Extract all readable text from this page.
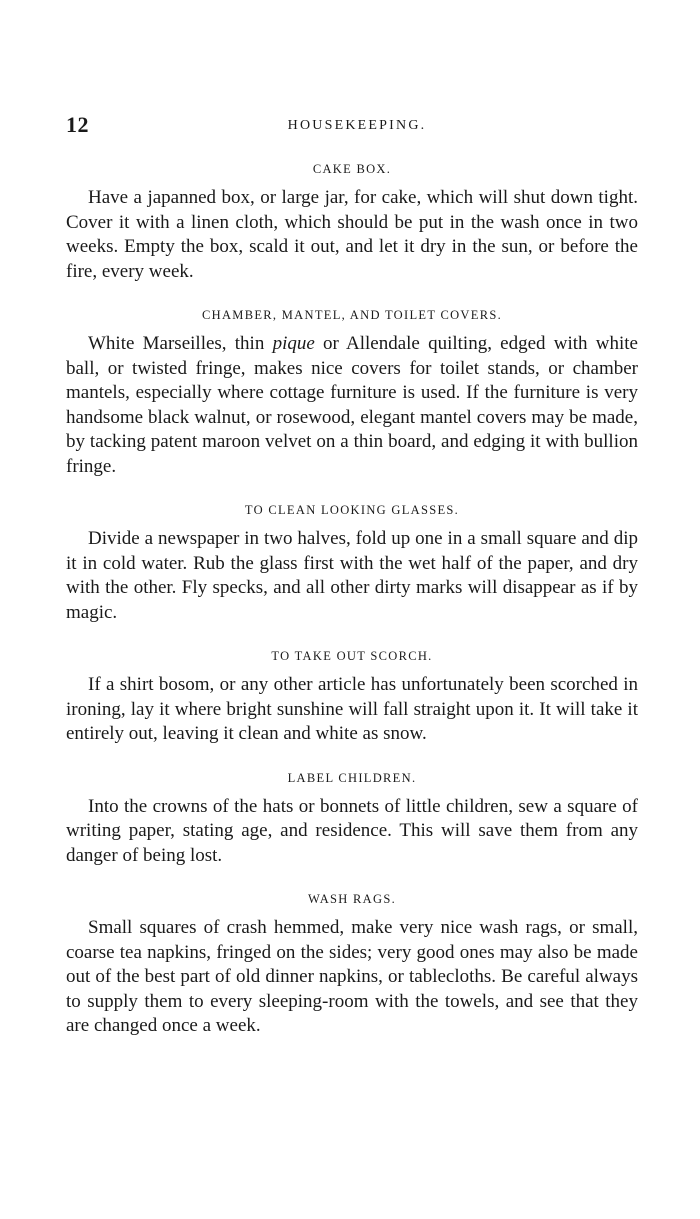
12	HOUSEKEEPING.
CAKE BOX.

Have a japanned box, or large jar, for cake, which will shut down tight. Cover it with a linen cloth, which should be put in the wash once in two weeks. Empty the box, scald it out, and let it dry in the sun, or before the fire, every week.

CHAMBER, MANTEL, AND TOILET COVERS.

White Marseilles, thin pique or Allendale quilting, edged with white ball, or twisted fringe, makes nice covers for toilet stands, or chamber mantels, especially where cottage furniture is used. If the furniture is very handsome black walnut, or rosewood, elegant mantel covers may be made, by tacking patent maroon velvet on a thin board, and edging it with bullion fringe.

TO CLEAN LOOKING GLASSES.

Divide a newspaper in two halves, fold up one in a small square and dip it in cold water. Rub the glass first with the wet half of the paper, and dry with the other. Fly specks, and all other dirty marks will disappear as if by magic.

TO TAKE OUT SCORCH.

If a shirt bosom, or any other article has unfortunately been scorched in ironing, lay it where bright sunshine will fall straight upon it. It will take it entirely out, leaving it clean and white as snow.

LABEL CHILDREN.

Into the crowns of the hats or bonnets of little children, sew a square of writing paper, stating age, and residence. This will save them from any danger of being lost.

WASH RAGS.

Small squares of crash hemmed, make very nice wash rags, or small, coarse tea napkins, fringed on the sides; very good ones may also be made out of the best part of old dinner napkins, or tablecloths. Be careful always to supply them to every sleeping-room with the towels, and see that they are changed once a week.
